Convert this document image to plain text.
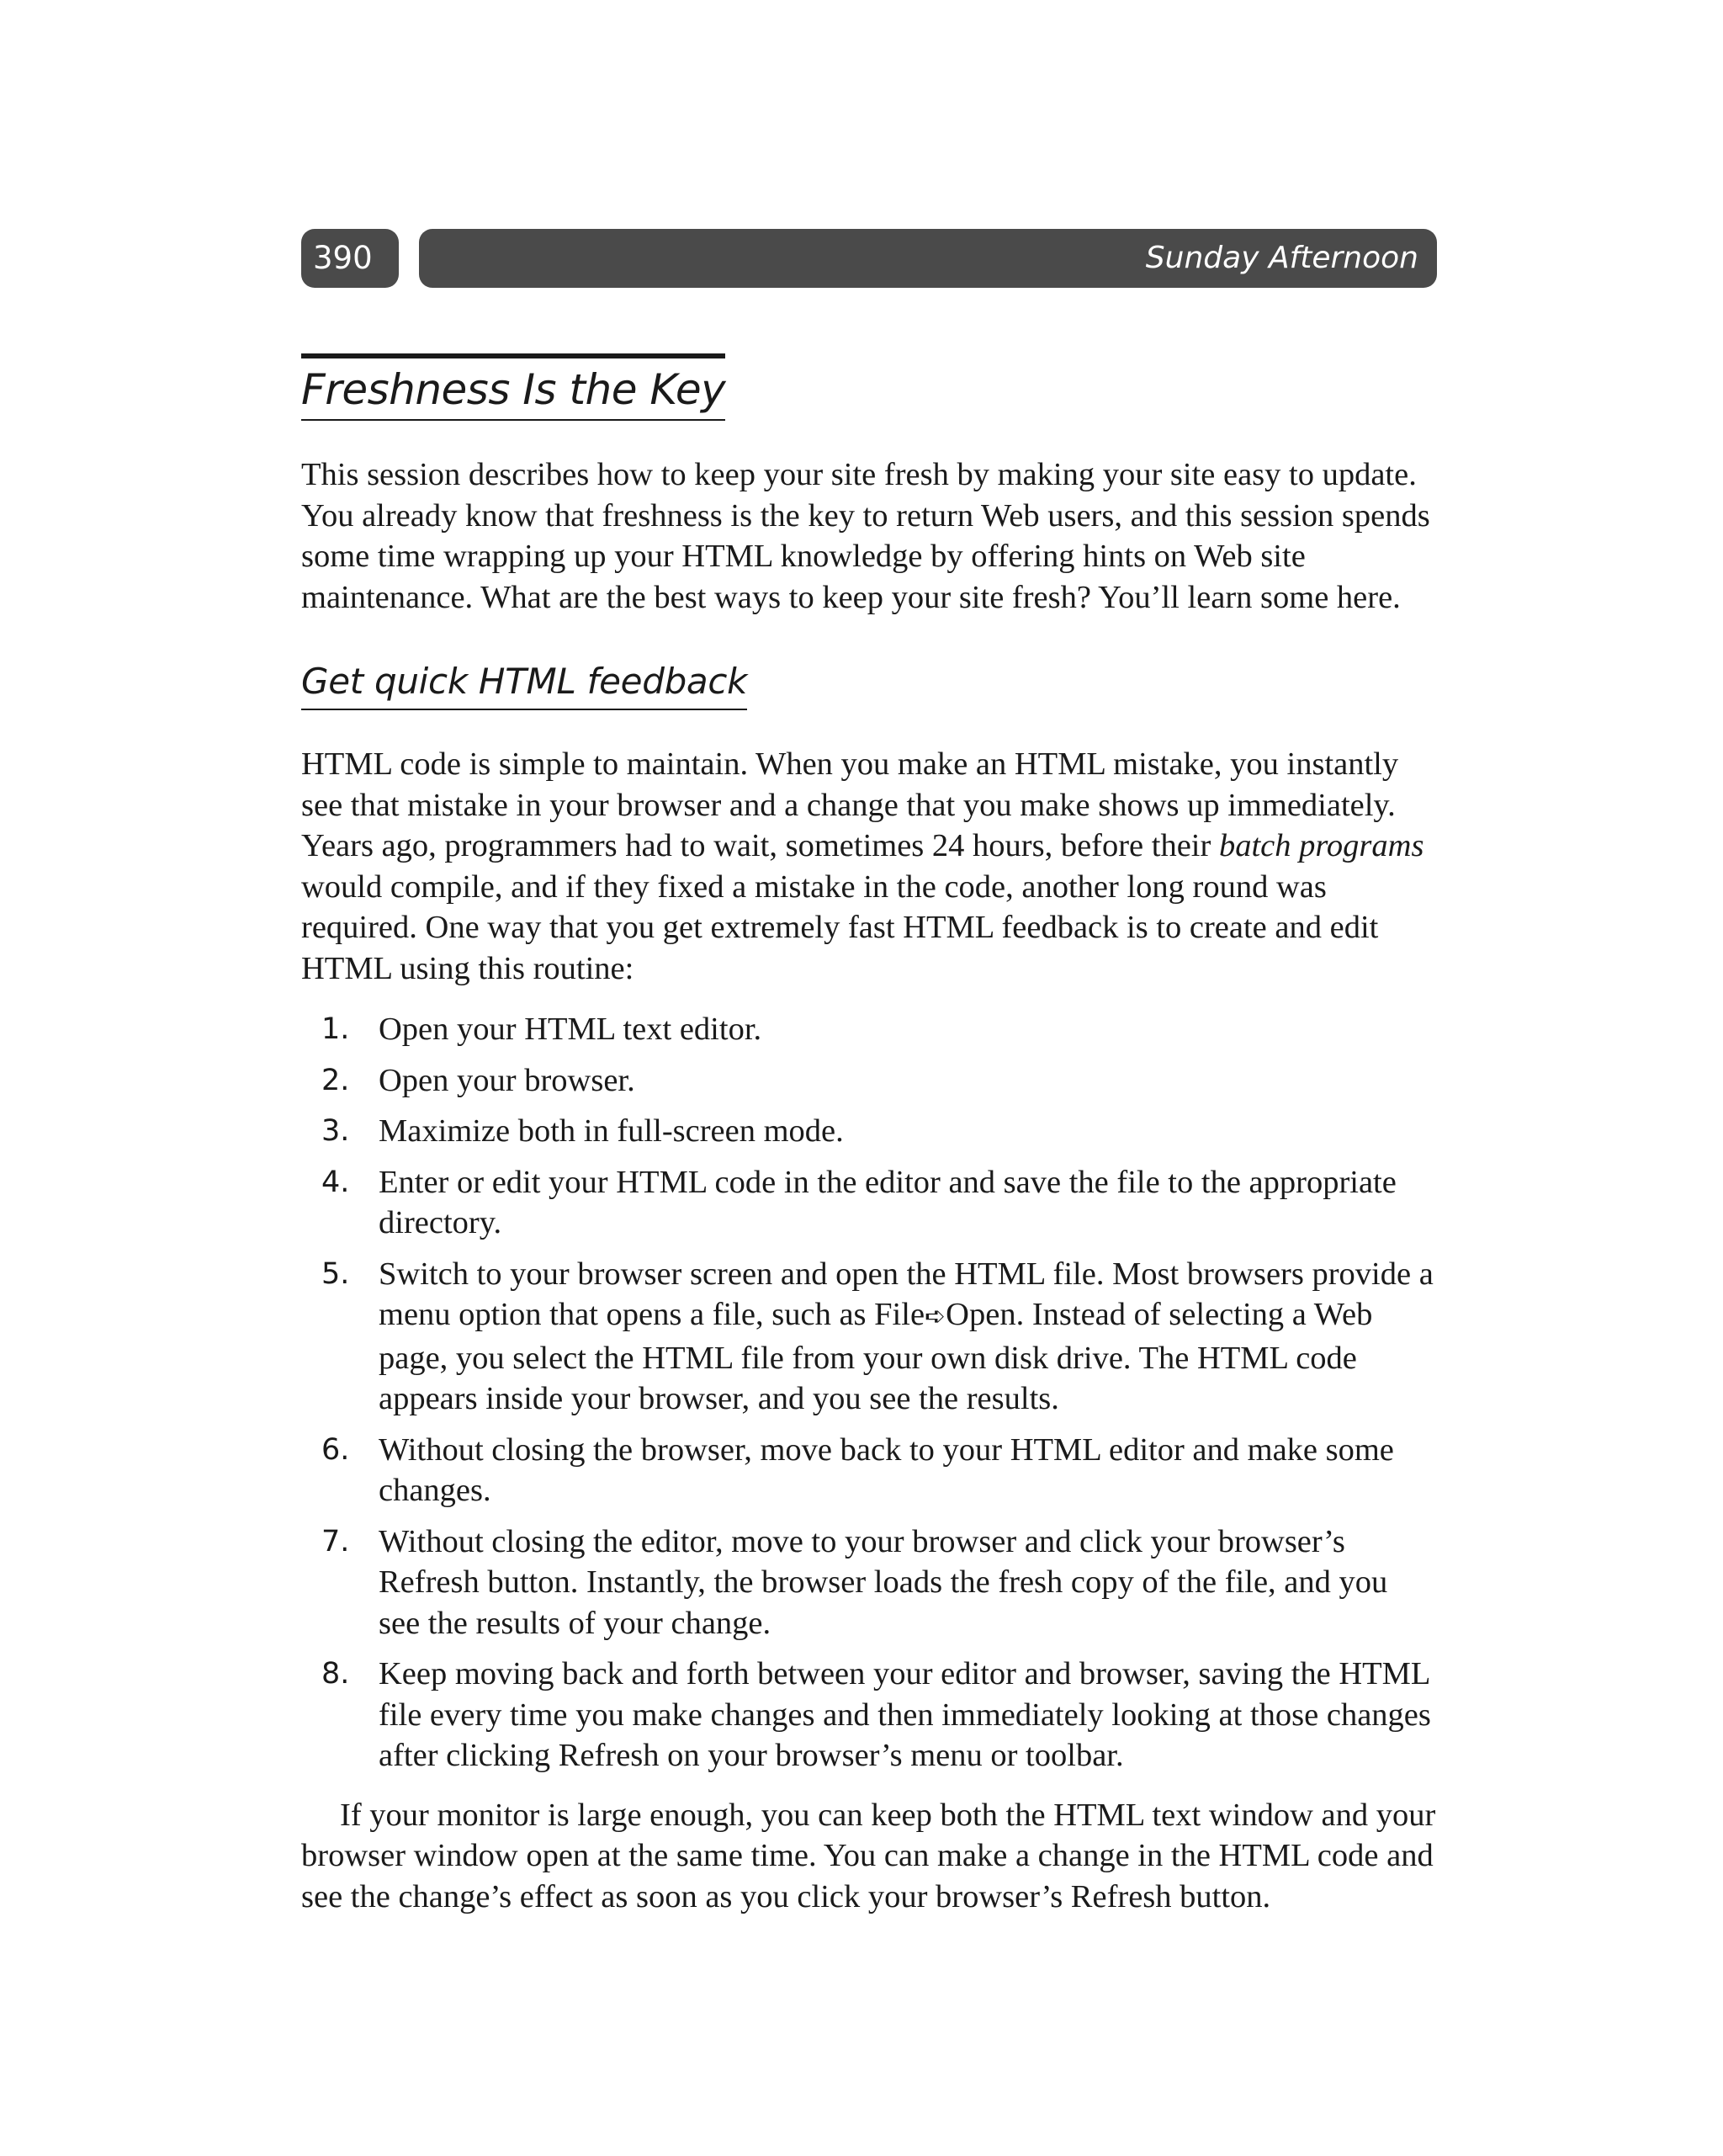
390	Sunday Afternoon
Freshness Is the Key

This session describes how to keep your site fresh by making your site easy to update. You already know that freshness is the key to return Web users, and this session spends some time wrapping up your HTML knowledge by offering hints on Web site maintenance. What are the best ways to keep your site fresh? You’ll learn some here.

Get quick HTML feedback

HTML code is simple to maintain. When you make an HTML mistake, you instantly see that mistake in your browser and a change that you make shows up immediately. Years ago, programmers had to wait, sometimes 24 hours, before their batch programs would compile, and if they fixed a mistake in the code, another long round was required. One way that you get extremely fast HTML feedback is to create and edit HTML using this routine:

1. Open your HTML text editor.
2. Open your browser.
3. Maximize both in full-screen mode.
4. Enter or edit your HTML code in the editor and save the file to the appropriate directory.
5. Switch to your browser screen and open the HTML file. Most browsers provide a menu option that opens a file, such as File➪Open. Instead of selecting a Web page, you select the HTML file from your own disk drive. The HTML code appears inside your browser, and you see the results.
6. Without closing the browser, move back to your HTML editor and make some changes.
7. Without closing the editor, move to your browser and click your browser’s Refresh button. Instantly, the browser loads the fresh copy of the file, and you see the results of your change.
8. Keep moving back and forth between your editor and browser, saving the HTML file every time you make changes and then immediately looking at those changes after clicking Refresh on your browser’s menu or toolbar.

If your monitor is large enough, you can keep both the HTML text window and your browser window open at the same time. You can make a change in the HTML code and see the change’s effect as soon as you click your browser’s Refresh button.
